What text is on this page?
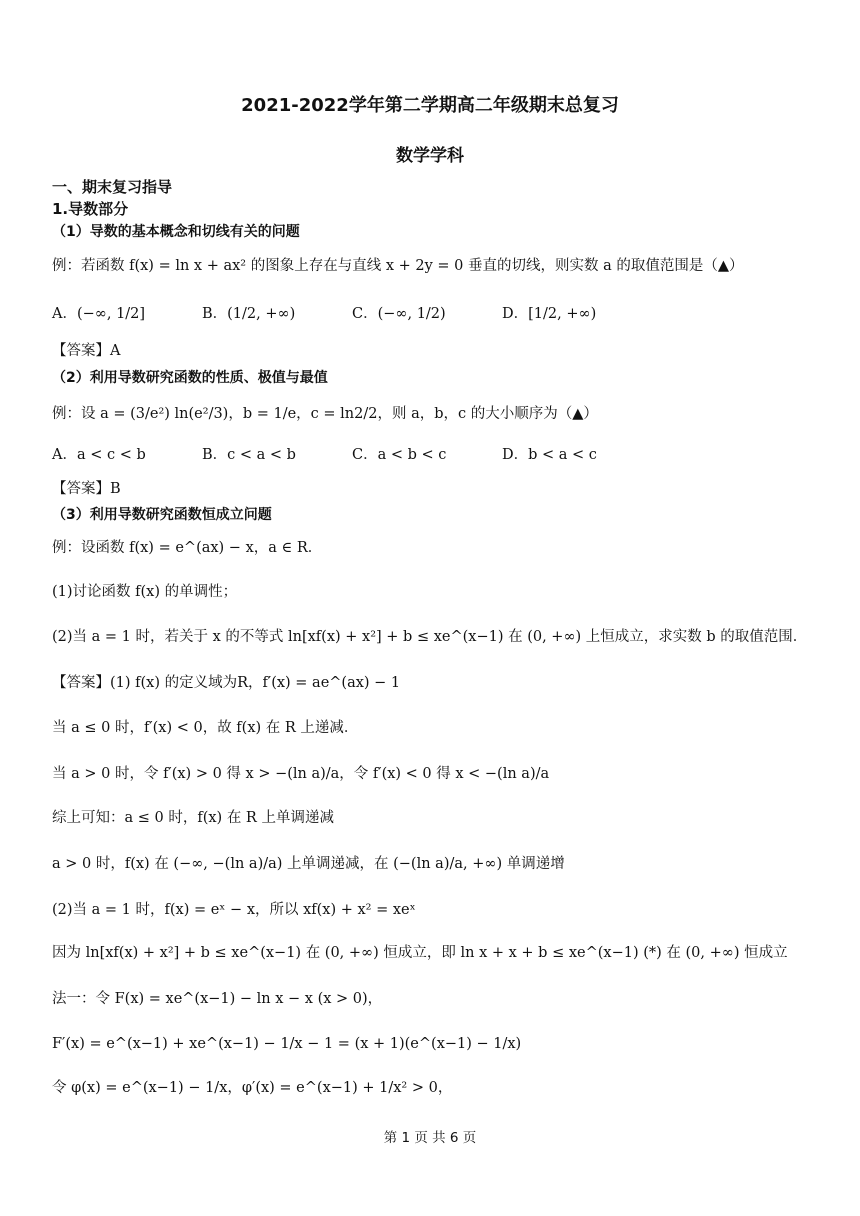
2021-2022学年第二学期高二年级期末总复习
数学学科
一、期末复习指导
1.导数部分
（1）导数的基本概念和切线有关的问题
例：若函数 f(x) = ln x + ax² 的图象上存在与直线 x + 2y = 0 垂直的切线，则实数 a 的取值范围是（▲）
A．(−∞, 1/2]	B．(1/2, +∞)	C．(−∞, 1/2)	D．[1/2, +∞)
【答案】A
（2）利用导数研究函数的性质、极值与最值
例：设 a = (3/e²) ln(e²/3)，b = 1/e，c = ln2/2，则 a，b，c 的大小顺序为（▲）
A．a < c < b	B．c < a < b	C．a < b < c	D．b < a < c
【答案】B
（3）利用导数研究函数恒成立问题
例：设函数 f(x) = e^(ax) − x，a ∈ R．
(1)讨论函数 f(x) 的单调性；
(2)当 a = 1 时，若关于 x 的不等式 ln[xf(x) + x²] + b ≤ xe^(x−1) 在 (0, +∞) 上恒成立，求实数 b 的取值范围．
【答案】(1) f(x) 的定义域为R，f′(x) = ae^(ax) − 1
当 a ≤ 0 时，f′(x) < 0，故 f(x) 在 R 上递减．
当 a > 0 时，令 f′(x) > 0 得 x > −(ln a)/a，令 f′(x) < 0 得 x < −(ln a)/a
综上可知：a ≤ 0 时，f(x) 在 R 上单调递减
a > 0 时，f(x) 在 (−∞, −(ln a)/a) 上单调递减，在 (−(ln a)/a, +∞) 单调递增
(2)当 a = 1 时，f(x) = eˣ − x，所以 xf(x) + x² = xeˣ
因为 ln[xf(x) + x²] + b ≤ xe^(x−1) 在 (0, +∞) 恒成立，即 ln x + x + b ≤ xe^(x−1) (*) 在 (0, +∞) 恒成立
法一：令 F(x) = xe^(x−1) − ln x − x (x > 0)，
F′(x) = e^(x−1) + xe^(x−1) − 1/x − 1 = (x + 1)(e^(x−1) − 1/x)
令 φ(x) = e^(x−1) − 1/x，φ′(x) = e^(x−1) + 1/x² > 0，
第 1 页 共 6 页
